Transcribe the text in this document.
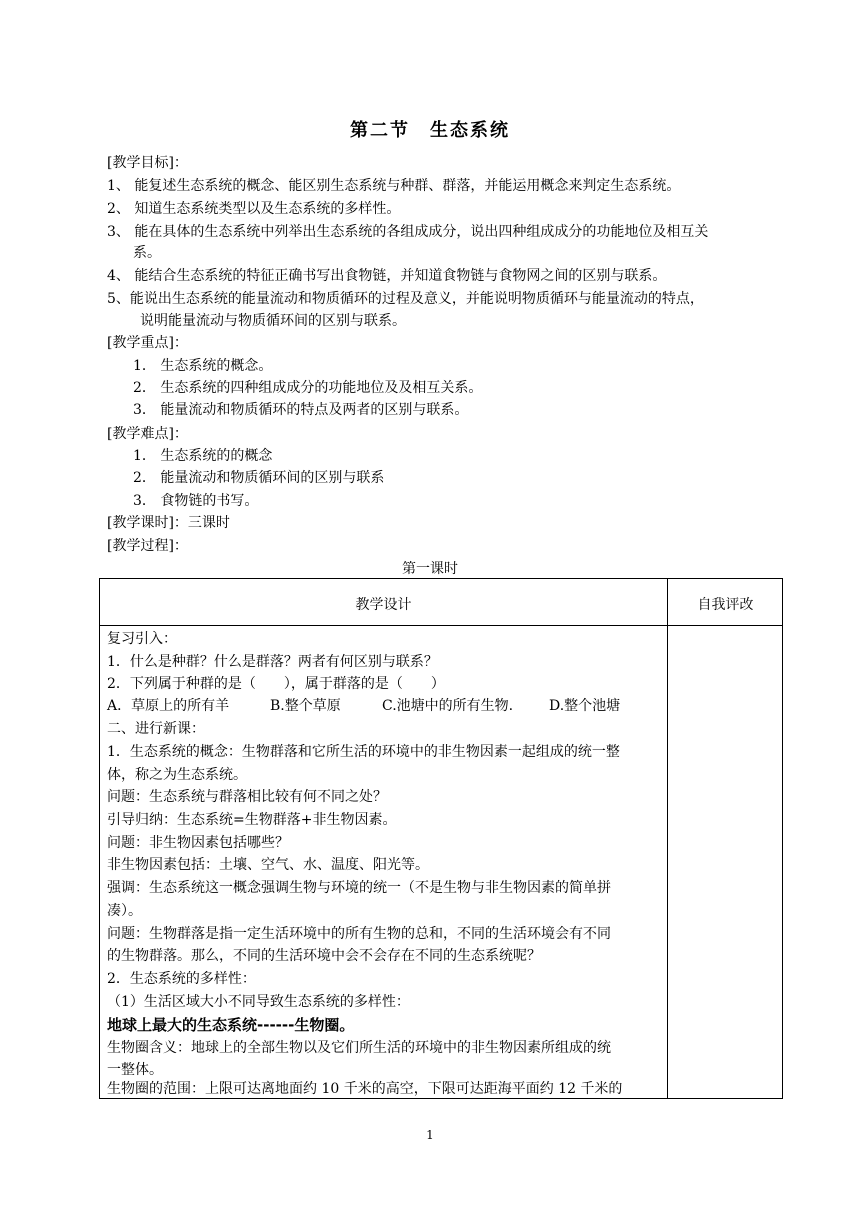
第二节　生态系统
[教学目标]：
1、 能复述生态系统的概念、能区别生态系统与种群、群落，并能运用概念来判定生态系统。
2、 知道生态系统类型以及生态系统的多样性。
3、 能在具体的生态系统中列举出生态系统的各组成成分，说出四种组成成分的功能地位及相互关
系。
4、 能结合生态系统的特征正确书写出食物链，并知道食物链与食物网之间的区别与联系。
5、能说出生态系统的能量流动和物质循环的过程及意义，并能说明物质循环与能量流动的特点，
说明能量流动与物质循环间的区别与联系。
[教学重点]：
1． 生态系统的概念。
2． 生态系统的四种组成成分的功能地位及及相互关系。
3． 能量流动和物质循环的特点及两者的区别与联系。
[教学难点]：
1． 生态系统的的概念
2． 能量流动和物质循环间的区别与联系
3． 食物链的书写。
[教学课时]：三课时
[教学过程]：
第一课时
教学设计	自我评改
复习引入：
1．什么是种群？什么是群落？两者有何区别与联系？
2．下列属于种群的是（　　），属于群落的是（　　）
A．草原上的所有羊	B.整个草原	C.池塘中的所有生物.	D.整个池塘
二、进行新课：
1．生态系统的概念：生物群落和它所生活的环境中的非生物因素一起组成的统一整
体，称之为生态系统。
问题：生态系统与群落相比较有何不同之处？
引导归纳：生态系统=生物群落+非生物因素。
问题：非生物因素包括哪些？
非生物因素包括：土壤、空气、水、温度、阳光等。
强调：生态系统这一概念强调生物与环境的统一（不是生物与非生物因素的简单拼
凑）。
问题：生物群落是指一定生活环境中的所有生物的总和，不同的生活环境会有不同
的生物群落。那么，不同的生活环境中会不会存在不同的生态系统呢？
2．生态系统的多样性：
（1）生活区域大小不同导致生态系统的多样性：
地球上最大的生态系统------生物圈。
生物圈含义：地球上的全部生物以及它们所生活的环境中的非生物因素所组成的统
一整体。
生物圈的范围：上限可达离地面约 10 千米的高空，下限可达距海平面约 12 千米的
1
